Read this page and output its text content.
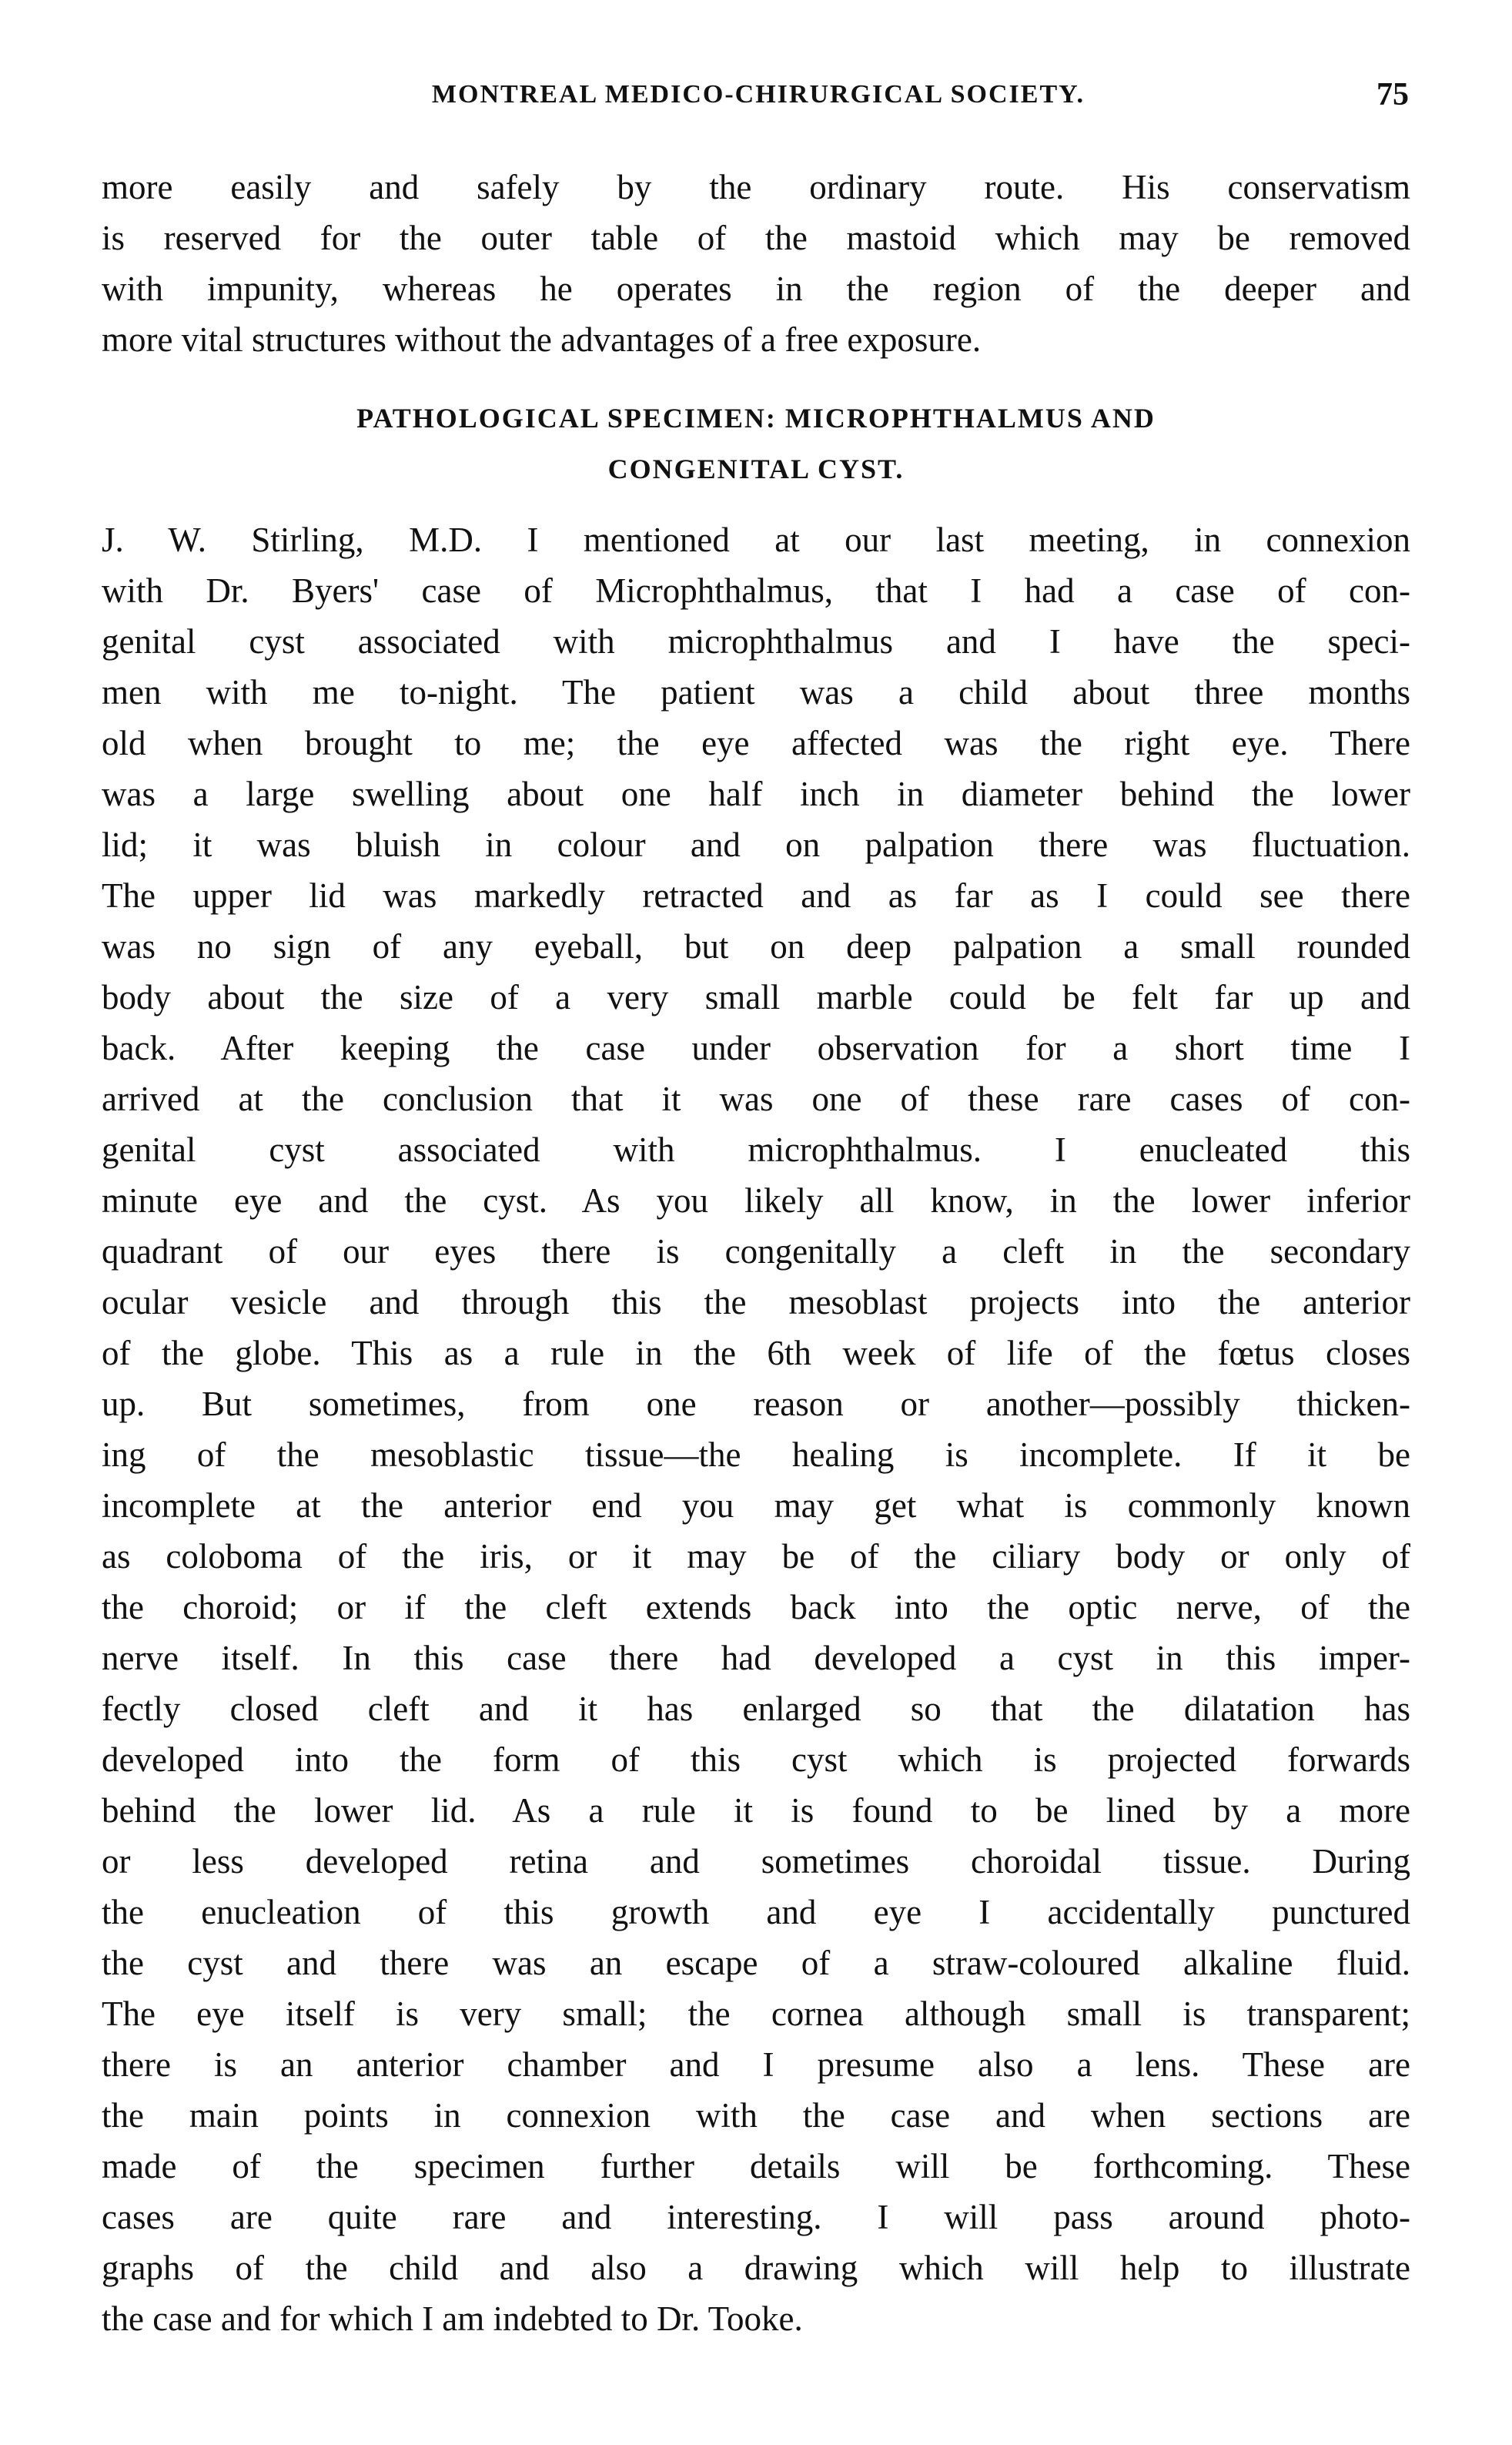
MONTREAL MEDICO-CHIRURGICAL SOCIETY.	75
more easily and safely by the ordinary route. His conservatism
is reserved for the outer table of the mastoid which may be removed
with impunity, whereas he operates in the region of the deeper and
more vital structures without the advantages of a free exposure.
PATHOLOGICAL SPECIMEN: MICROPHTHALMUS AND
CONGENITAL CYST.
J. W. Stirling, M.D. I mentioned at our last meeting, in connexion
with Dr. Byers' case of Microphthalmus, that I had a case of con-
genital cyst associated with microphthalmus and I have the speci-
men with me to-night. The patient was a child about three months
old when brought to me; the eye affected was the right eye. There
was a large swelling about one half inch in diameter behind the lower
lid; it was bluish in colour and on palpation there was fluctuation.
The upper lid was markedly retracted and as far as I could see there
was no sign of any eyeball, but on deep palpation a small rounded
body about the size of a very small marble could be felt far up and
back. After keeping the case under observation for a short time I
arrived at the conclusion that it was one of these rare cases of con-
genital cyst associated with microphthalmus. I enucleated this
minute eye and the cyst. As you likely all know, in the lower inferior
quadrant of our eyes there is congenitally a cleft in the secondary
ocular vesicle and through this the mesoblast projects into the anterior
of the globe. This as a rule in the 6th week of life of the fœtus closes
up. But sometimes, from one reason or another—possibly thicken-
ing of the mesoblastic tissue—the healing is incomplete. If it be
incomplete at the anterior end you may get what is commonly known
as coloboma of the iris, or it may be of the ciliary body or only of
the choroid; or if the cleft extends back into the optic nerve, of the
nerve itself. In this case there had developed a cyst in this imper-
fectly closed cleft and it has enlarged so that the dilatation has
developed into the form of this cyst which is projected forwards
behind the lower lid. As a rule it is found to be lined by a more
or less developed retina and sometimes choroidal tissue. During
the enucleation of this growth and eye I accidentally punctured
the cyst and there was an escape of a straw-coloured alkaline fluid.
The eye itself is very small; the cornea although small is transparent;
there is an anterior chamber and I presume also a lens. These are
the main points in connexion with the case and when sections are
made of the specimen further details will be forthcoming. These
cases are quite rare and interesting. I will pass around photo-
graphs of the child and also a drawing which will help to illustrate
the case and for which I am indebted to Dr. Tooke.
